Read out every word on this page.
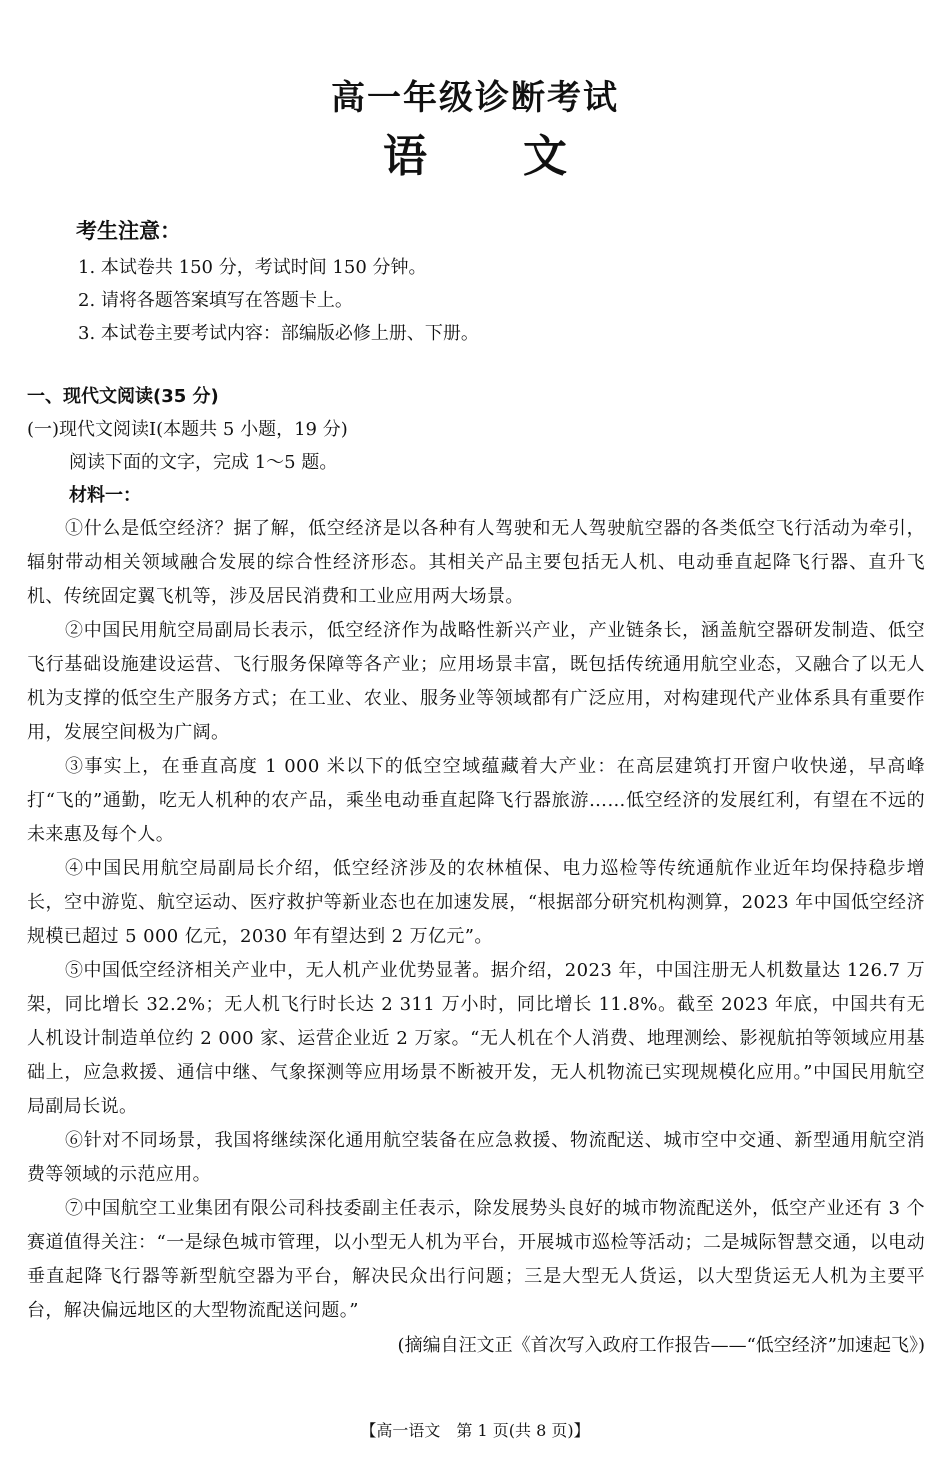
高一年级诊断考试
语 文

考生注意：

1. 本试卷共 150 分，考试时间 150 分钟。

2. 请将各题答案填写在答题卡上。

3. 本试卷主要考试内容：部编版必修上册、下册。

一、现代文阅读(35 分)

(一)现代文阅读Ⅰ(本题共 5 小题，19 分)

阅读下面的文字，完成 1～5 题。

材料一：

①什么是低空经济？据了解，低空经济是以各种有人驾驶和无人驾驶航空器的各类低空飞行活动为牵引，辐射带动相关领域融合发展的综合性经济形态。其相关产品主要包括无人机、电动垂直起降飞行器、直升飞机、传统固定翼飞机等，涉及居民消费和工业应用两大场景。

②中国民用航空局副局长表示，低空经济作为战略性新兴产业，产业链条长，涵盖航空器研发制造、低空飞行基础设施建设运营、飞行服务保障等各产业；应用场景丰富，既包括传统通用航空业态，又融合了以无人机为支撑的低空生产服务方式；在工业、农业、服务业等领域都有广泛应用，对构建现代产业体系具有重要作用，发展空间极为广阔。

③事实上，在垂直高度 1 000 米以下的低空空域蕴藏着大产业：在高层建筑打开窗户收快递，早高峰打“飞的”通勤，吃无人机种的农产品，乘坐电动垂直起降飞行器旅游……低空经济的发展红利，有望在不远的未来惠及每个人。

④中国民用航空局副局长介绍，低空经济涉及的农林植保、电力巡检等传统通航作业近年均保持稳步增长，空中游览、航空运动、医疗救护等新业态也在加速发展，“根据部分研究机构测算，2023 年中国低空经济规模已超过 5 000 亿元，2030 年有望达到 2 万亿元”。

⑤中国低空经济相关产业中，无人机产业优势显著。据介绍，2023 年，中国注册无人机数量达 126.7 万架，同比增长 32.2%；无人机飞行时长达 2 311 万小时，同比增长 11.8%。截至 2023 年底，中国共有无人机设计制造单位约 2 000 家、运营企业近 2 万家。“无人机在个人消费、地理测绘、影视航拍等领域应用基础上，应急救援、通信中继、气象探测等应用场景不断被开发，无人机物流已实现规模化应用。”中国民用航空局副局长说。

⑥针对不同场景，我国将继续深化通用航空装备在应急救援、物流配送、城市空中交通、新型通用航空消费等领域的示范应用。

⑦中国航空工业集团有限公司科技委副主任表示，除发展势头良好的城市物流配送外，低空产业还有 3 个赛道值得关注：“一是绿色城市管理，以小型无人机为平台，开展城市巡检等活动；二是城际智慧交通，以电动垂直起降飞行器等新型航空器为平台，解决民众出行问题；三是大型无人货运，以大型货运无人机为主要平台，解决偏远地区的大型物流配送问题。”

(摘编自汪文正《首次写入政府工作报告——“低空经济”加速起飞》)

【高一语文　第 1 页(共 8 页)】
